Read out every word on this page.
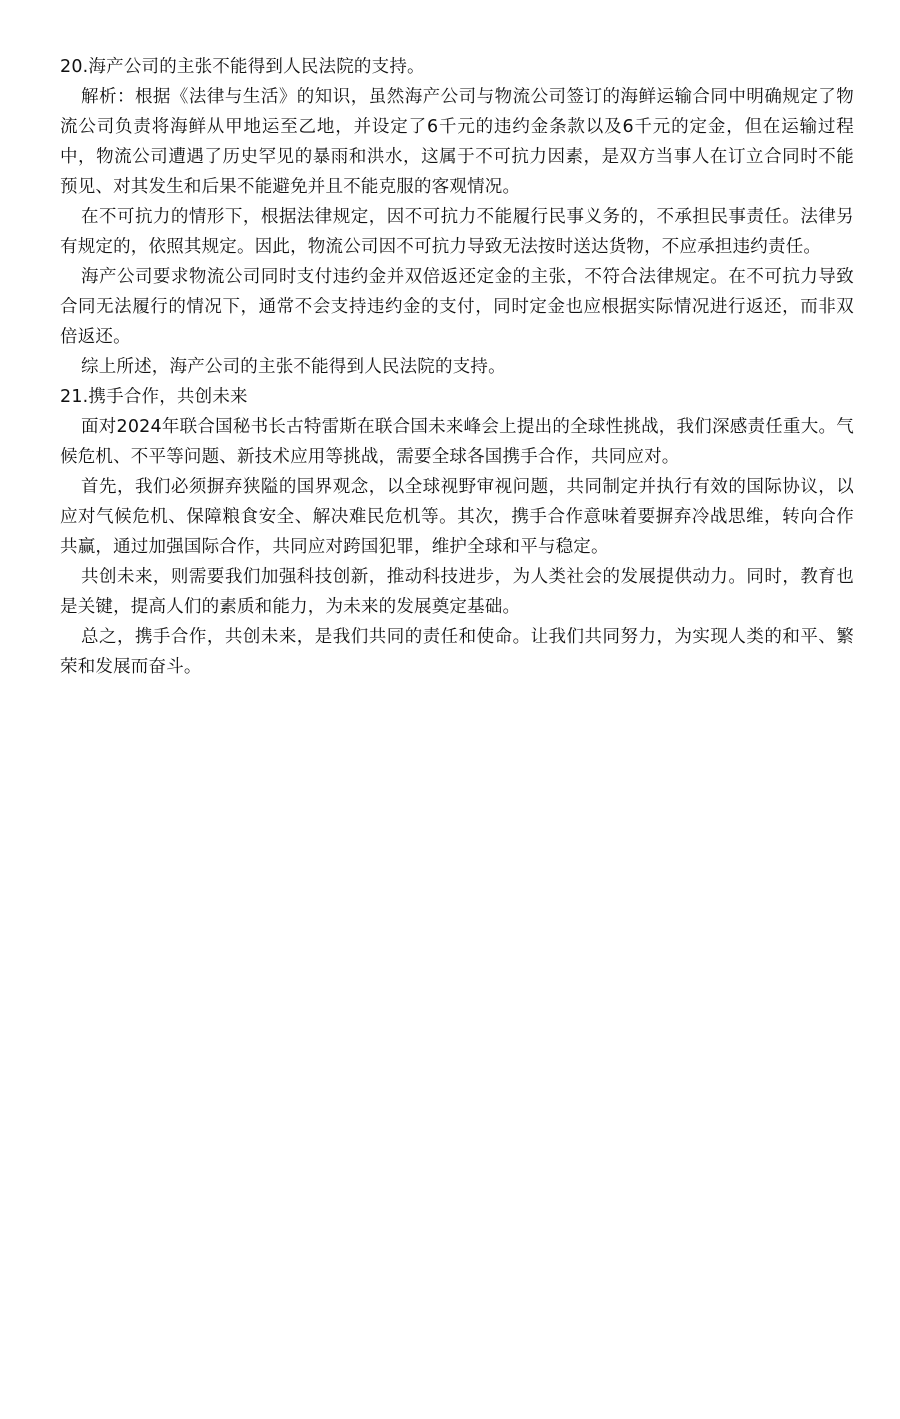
20.海产公司的主张不能得到人民法院的支持。

解析：根据《法律与生活》的知识，虽然海产公司与物流公司签订的海鲜运输合同中明确规定了物流公司负责将海鲜从甲地运至乙地，并设定了6千元的违约金条款以及6千元的定金，但在运输过程中，物流公司遭遇了历史罕见的暴雨和洪水，这属于不可抗力因素，是双方当事人在订立合同时不能预见、对其发生和后果不能避免并且不能克服的客观情况。

在不可抗力的情形下，根据法律规定，因不可抗力不能履行民事义务的，不承担民事责任。法律另有规定的，依照其规定。因此，物流公司因不可抗力导致无法按时送达货物，不应承担违约责任。

海产公司要求物流公司同时支付违约金并双倍返还定金的主张，不符合法律规定。在不可抗力导致合同无法履行的情况下，通常不会支持违约金的支付，同时定金也应根据实际情况进行返还，而非双倍返还。

综上所述，海产公司的主张不能得到人民法院的支持。

21.携手合作，共创未来

面对2024年联合国秘书长古特雷斯在联合国未来峰会上提出的全球性挑战，我们深感责任重大。气候危机、不平等问题、新技术应用等挑战，需要全球各国携手合作，共同应对。

首先，我们必须摒弃狭隘的国界观念，以全球视野审视问题，共同制定并执行有效的国际协议，以应对气候危机、保障粮食安全、解决难民危机等。其次，携手合作意味着要摒弃冷战思维，转向合作共赢，通过加强国际合作，共同应对跨国犯罪，维护全球和平与稳定。

共创未来，则需要我们加强科技创新，推动科技进步，为人类社会的发展提供动力。同时，教育也是关键，提高人们的素质和能力，为未来的发展奠定基础。

总之，携手合作，共创未来，是我们共同的责任和使命。让我们共同努力，为实现人类的和平、繁荣和发展而奋斗。
